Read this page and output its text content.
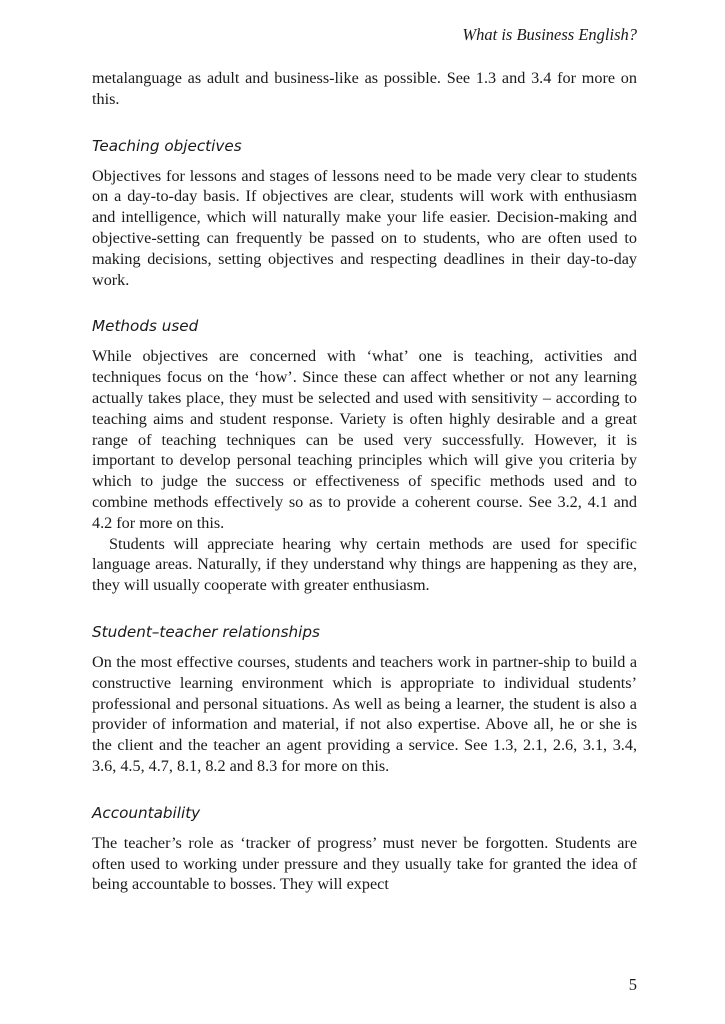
What is Business English?

metalanguage as adult and business-like as possible. See 1.3 and 3.4 for more on this.

Teaching objectives

Objectives for lessons and stages of lessons need to be made very clear to students on a day-to-day basis. If objectives are clear, students will work with enthusiasm and intelligence, which will naturally make your life easier. Decision-making and objective-setting can frequently be passed on to students, who are often used to making decisions, setting objectives and respecting deadlines in their day-to-day work.

Methods used

While objectives are concerned with ‘what’ one is teaching, activities and techniques focus on the ‘how’. Since these can affect whether or not any learning actually takes place, they must be selected and used with sensitivity – according to teaching aims and student response. Variety is often highly desirable and a great range of teaching techniques can be used very successfully. However, it is important to develop personal teaching principles which will give you criteria by which to judge the success or effectiveness of specific methods used and to combine methods effectively so as to provide a coherent course. See 3.2, 4.1 and 4.2 for more on this.

Students will appreciate hearing why certain methods are used for specific language areas. Naturally, if they understand why things are happening as they are, they will usually cooperate with greater enthusiasm.

Student–teacher relationships

On the most effective courses, students and teachers work in partner-ship to build a constructive learning environment which is appropriate to individual students’ professional and personal situations. As well as being a learner, the student is also a provider of information and material, if not also expertise. Above all, he or she is the client and the teacher an agent providing a service. See 1.3, 2.1, 2.6, 3.1, 3.4, 3.6, 4.5, 4.7, 8.1, 8.2 and 8.3 for more on this.

Accountability

The teacher’s role as ‘tracker of progress’ must never be forgotten. Students are often used to working under pressure and they usually take for granted the idea of being accountable to bosses. They will expect

5
